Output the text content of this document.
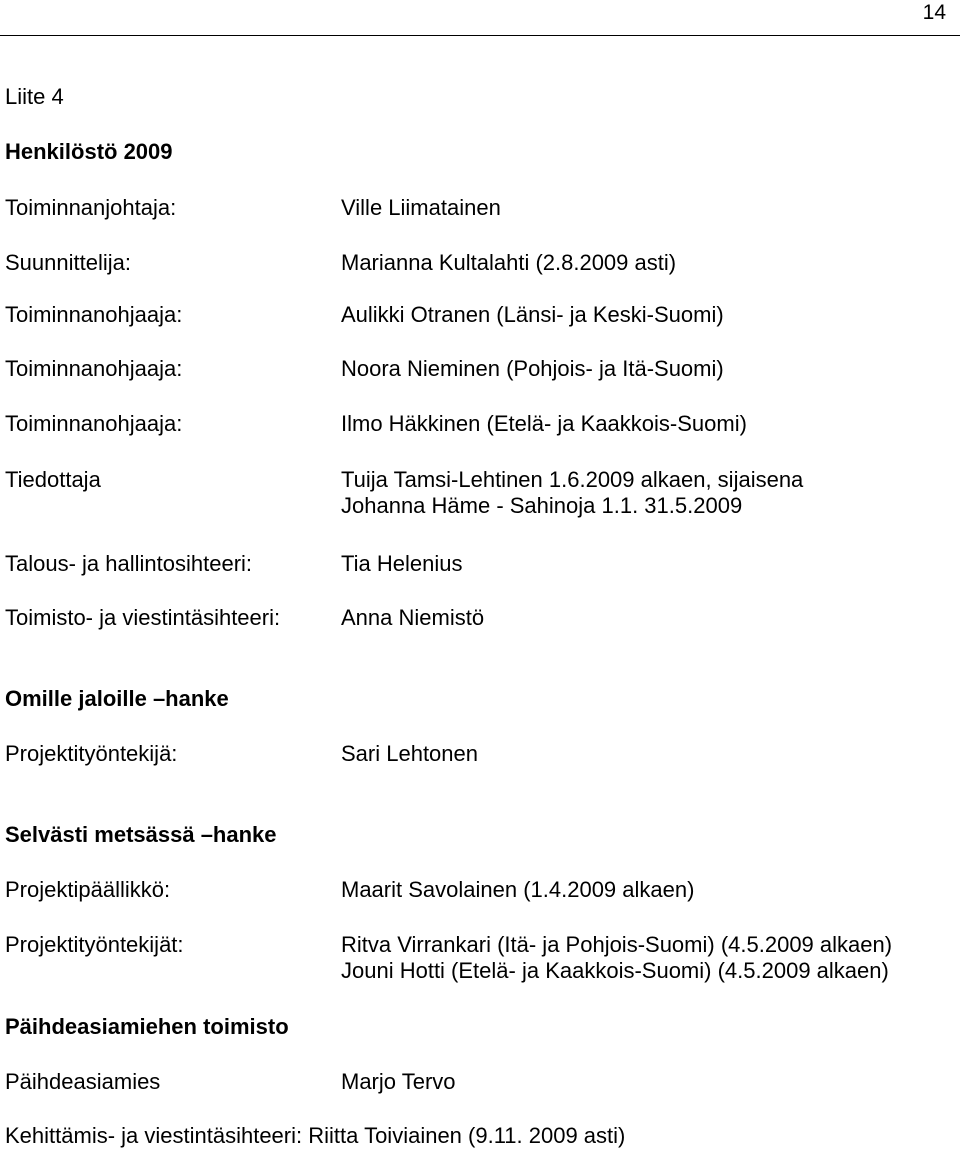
14
Liite 4
Henkilöstö 2009
Toiminnanjohtaja:	Ville Liimatainen
Suunnittelija:	Marianna Kultalahti (2.8.2009 asti)
Toiminnanohjaaja:	Aulikki Otranen (Länsi- ja Keski-Suomi)
Toiminnanohjaaja:	Noora Nieminen (Pohjois- ja Itä-Suomi)
Toiminnanohjaaja:	Ilmo Häkkinen (Etelä- ja Kaakkois-Suomi)
Tiedottaja	Tuija Tamsi-Lehtinen 1.6.2009 alkaen, sijaisena
Johanna Häme - Sahinoja 1.1. 31.5.2009
Talous- ja hallintosihteeri:	Tia Helenius
Toimisto- ja viestintäsihteeri:	Anna Niemistö
Omille jaloille –hanke
Projektityöntekijä:	Sari Lehtonen
Selvästi metsässä –hanke
Projektipäällikkö:	Maarit Savolainen (1.4.2009 alkaen)
Projektityöntekijät:	Ritva Virrankari (Itä- ja Pohjois-Suomi) (4.5.2009 alkaen)
Jouni Hotti (Etelä- ja Kaakkois-Suomi) (4.5.2009 alkaen)
Päihdeasiamiehen toimisto
Päihdeasiamies	Marjo Tervo
Kehittämis- ja viestintäsihteeri: Riitta Toiviainen (9.11. 2009 asti)
